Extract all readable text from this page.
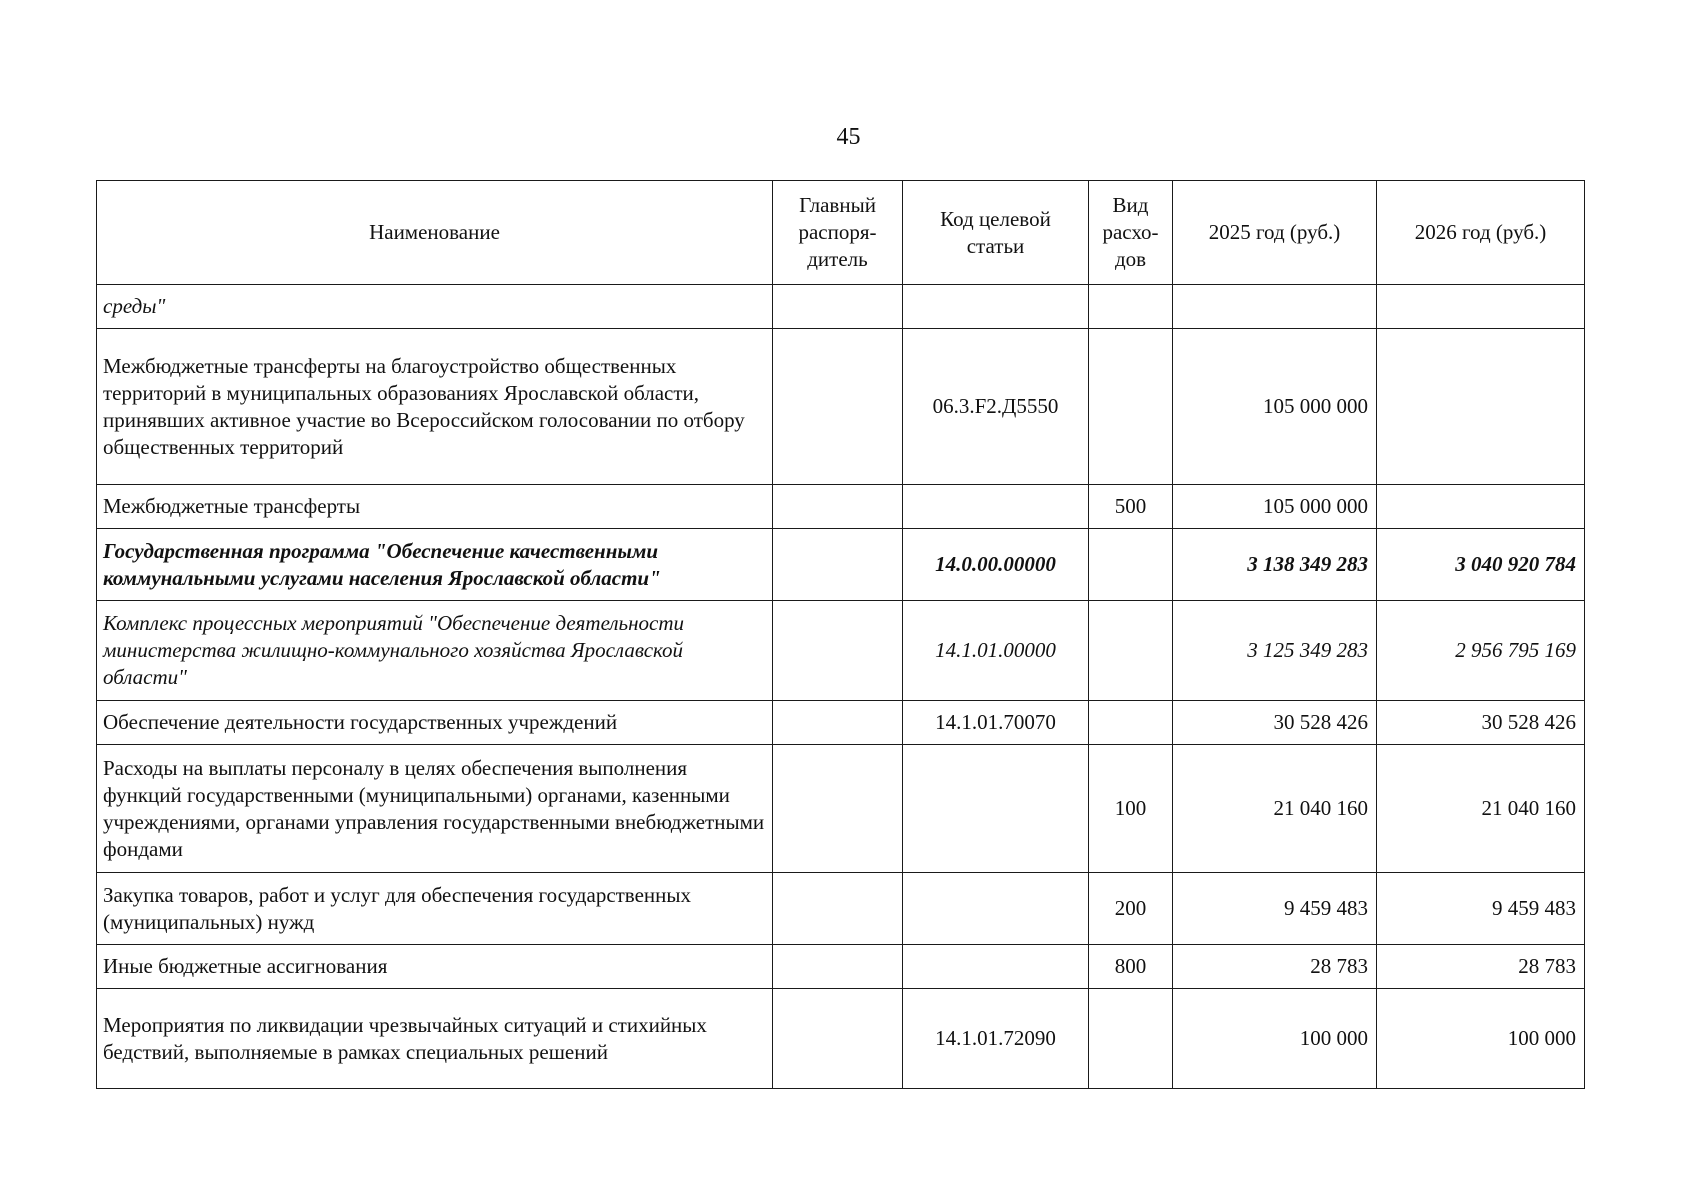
45
Наименование	Главный распоря-дитель	Код целевой статьи	Вид расхо-дов	2025 год (руб.)	2026 год (руб.)
среды"					
Межбюджетные трансферты на благоустройство общественных территорий в муниципальных образованиях Ярославской области, принявших активное участие во Всероссийском голосовании по отбору общественных территорий		06.3.F2.Д5550		105 000 000	
Межбюджетные трансферты			500	105 000 000	
Государственная программа "Обеспечение качественными коммунальными услугами населения Ярославской области"		14.0.00.00000		3 138 349 283	3 040 920 784
Комплекс процессных мероприятий "Обеспечение деятельности министерства жилищно-коммунального хозяйства Ярославской области"		14.1.01.00000		3 125 349 283	2 956 795 169
Обеспечение деятельности государственных учреждений		14.1.01.70070		30 528 426	30 528 426
Расходы на выплаты персоналу в целях обеспечения выполнения функций государственными (муниципальными) органами, казенными учреждениями, органами управления государственными внебюджетными фондами			100	21 040 160	21 040 160
Закупка товаров, работ и услуг для обеспечения государственных (муниципальных) нужд			200	9 459 483	9 459 483
Иные бюджетные ассигнования			800	28 783	28 783
Мероприятия по ликвидации чрезвычайных ситуаций и стихийных бедствий, выполняемые в рамках специальных решений		14.1.01.72090		100 000	100 000
